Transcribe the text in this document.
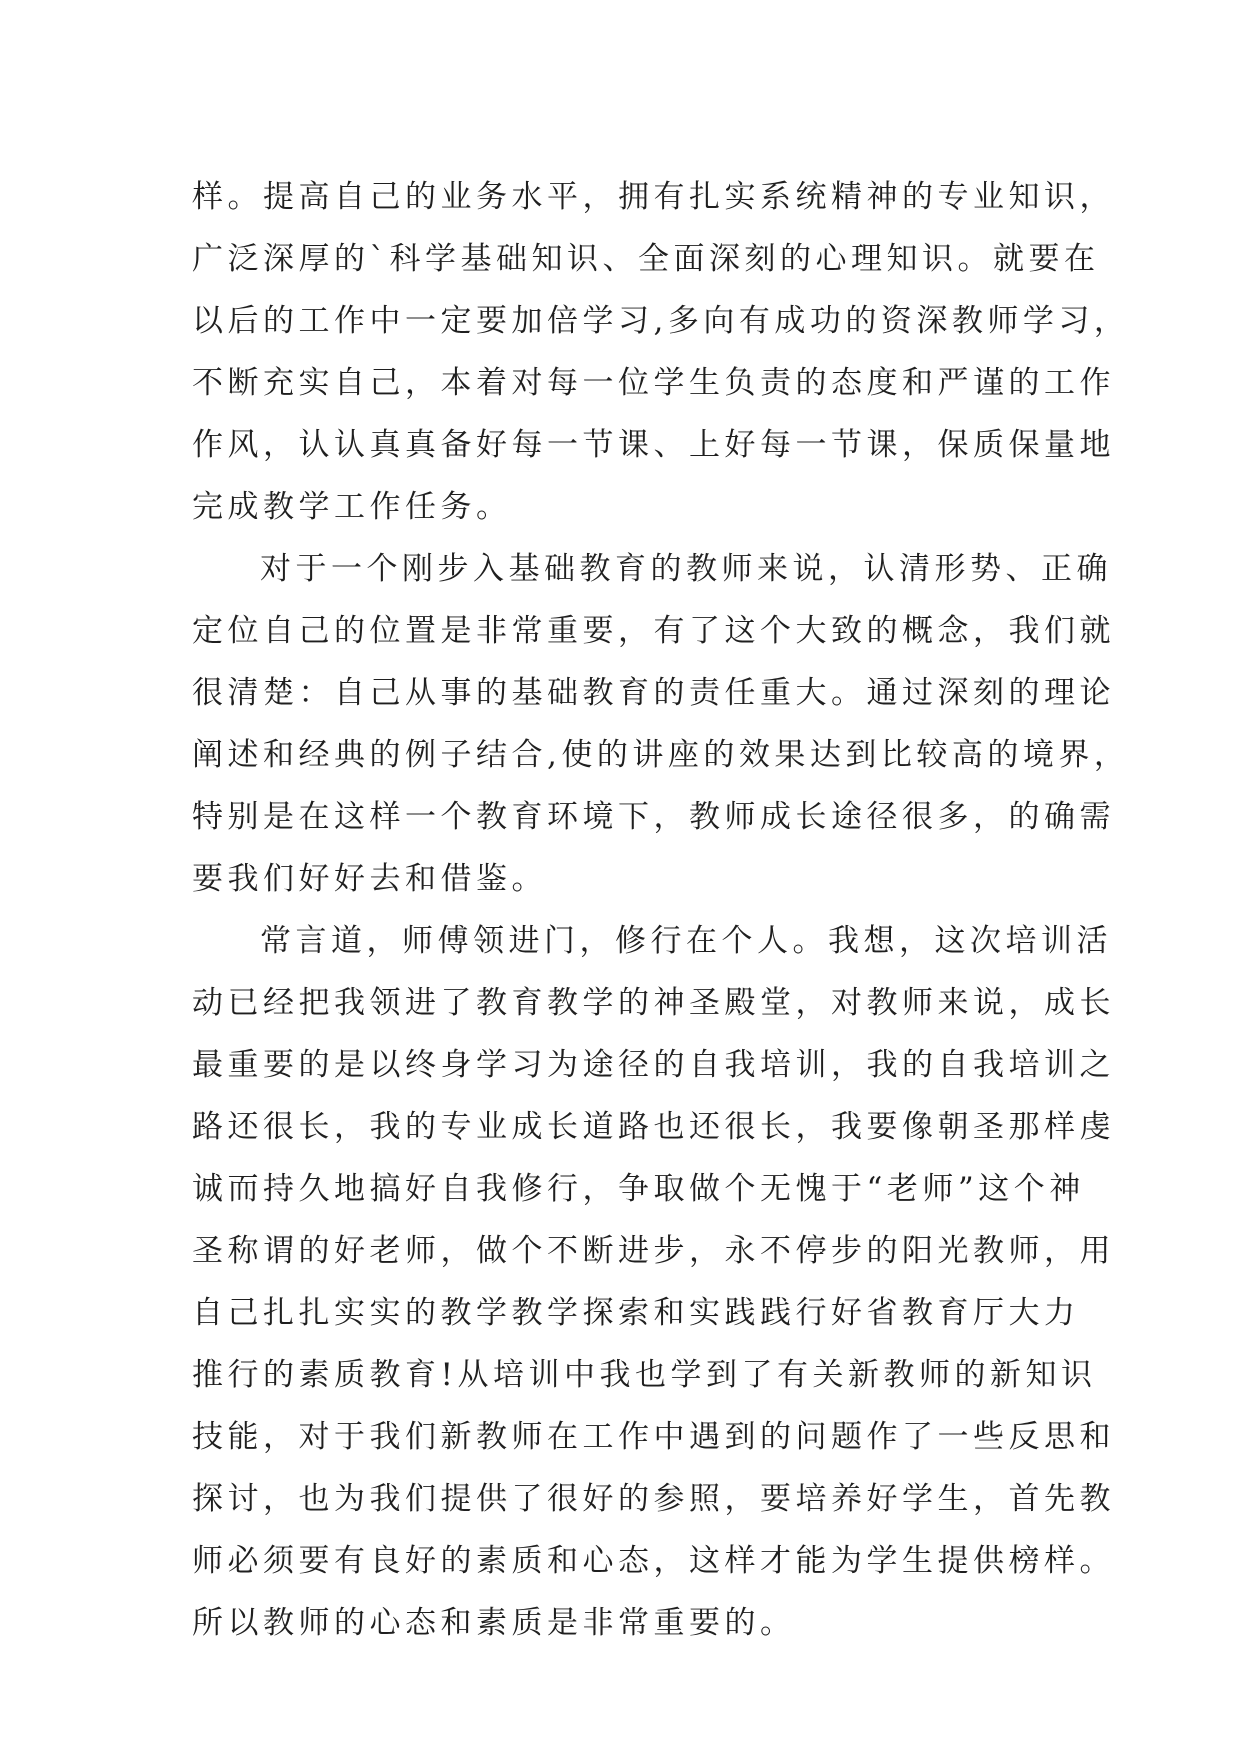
样。提高自己的业务水平，拥有扎实系统精神的专业知识，
广泛深厚的`科学基础知识、全面深刻的心理知识。就要在
以后的工作中一定要加倍学习,多向有成功的资深教师学习，
不断充实自己，本着对每一位学生负责的态度和严谨的工作
作风，认认真真备好每一节课、上好每一节课，保质保量地
完成教学工作任务。
对于一个刚步入基础教育的教师来说，认清形势、正确
定位自己的位置是非常重要，有了这个大致的概念，我们就
很清楚：自己从事的基础教育的责任重大。通过深刻的理论
阐述和经典的例子结合,使的讲座的效果达到比较高的境界，
特别是在这样一个教育环境下，教师成长途径很多，的确需
要我们好好去和借鉴。
常言道，师傅领进门，修行在个人。我想，这次培训活
动已经把我领进了教育教学的神圣殿堂，对教师来说，成长
最重要的是以终身学习为途径的自我培训，我的自我培训之
路还很长，我的专业成长道路也还很长，我要像朝圣那样虔
诚而持久地搞好自我修行，争取做个无愧于“老师”这个神
圣称谓的好老师，做个不断进步，永不停步的阳光教师，用
自己扎扎实实的教学教学探索和实践践行好省教育厅大力
推行的素质教育!从培训中我也学到了有关新教师的新知识
技能，对于我们新教师在工作中遇到的问题作了一些反思和
探讨，也为我们提供了很好的参照，要培养好学生，首先教
师必须要有良好的素质和心态，这样才能为学生提供榜样。
所以教师的心态和素质是非常重要的。
